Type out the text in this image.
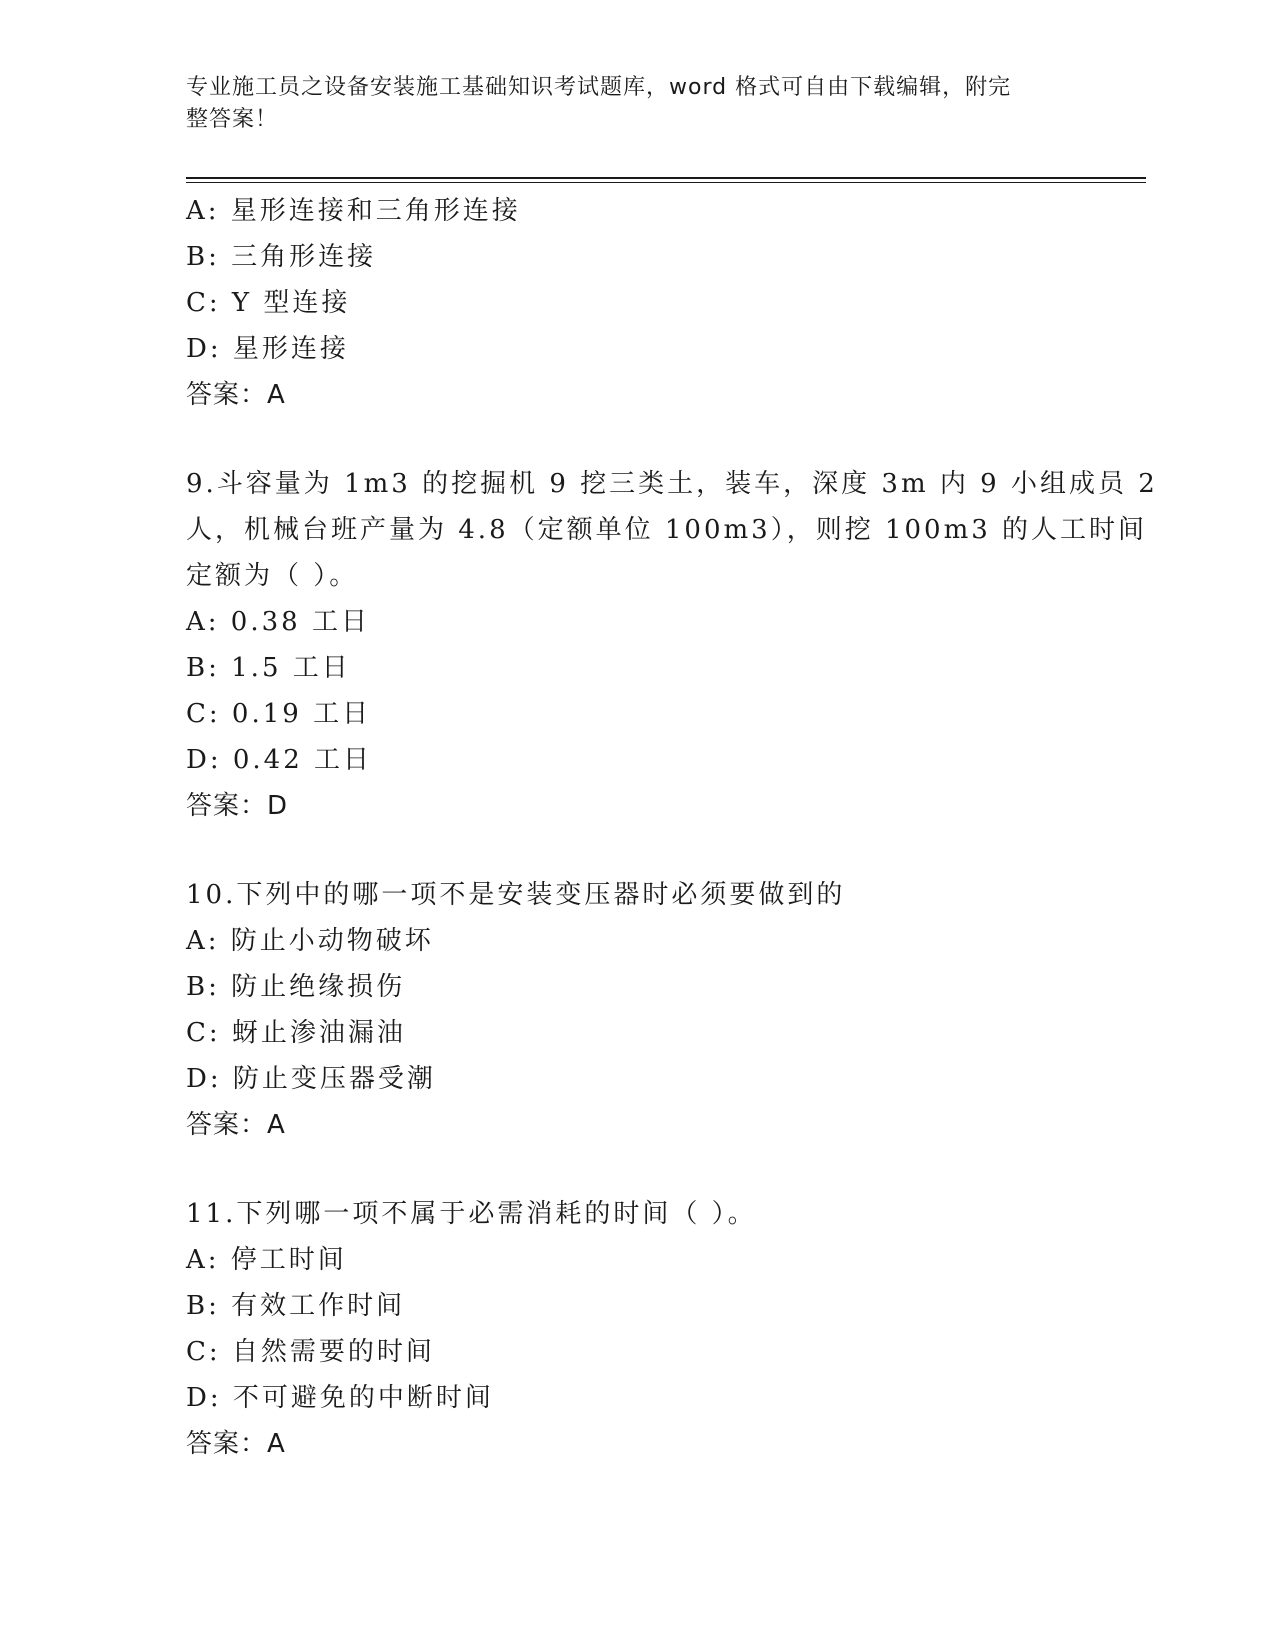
专业施工员之设备安装施工基础知识考试题库，word 格式可自由下载编辑，附完
整答案！
A: 星形连接和三角形连接
B: 三角形连接
C: Y 型连接
D: 星形连接
答案：A
9.斗容量为 1m3 的挖掘机 9 挖三类土，装车，深度 3m 内 9 小组成员 2
人，机械台班产量为 4.8（定额单位 100m3），则挖 100m3 的人工时间
定额为（ ）。
A: 0.38 工日
B: 1.5 工日
C: 0.19 工日
D: 0.42 工日
答案：D
10.下列中的哪一项不是安装变压器时必须要做到的
A: 防止小动物破坏
B: 防止绝缘损伤
C: 蚜止渗油漏油
D: 防止变压器受潮
答案：A
11.下列哪一项不属于必需消耗的时间（ ）。
A: 停工时间
B: 有效工作时间
C: 自然需要的时间
D: 不可避免的中断时间
答案：A
